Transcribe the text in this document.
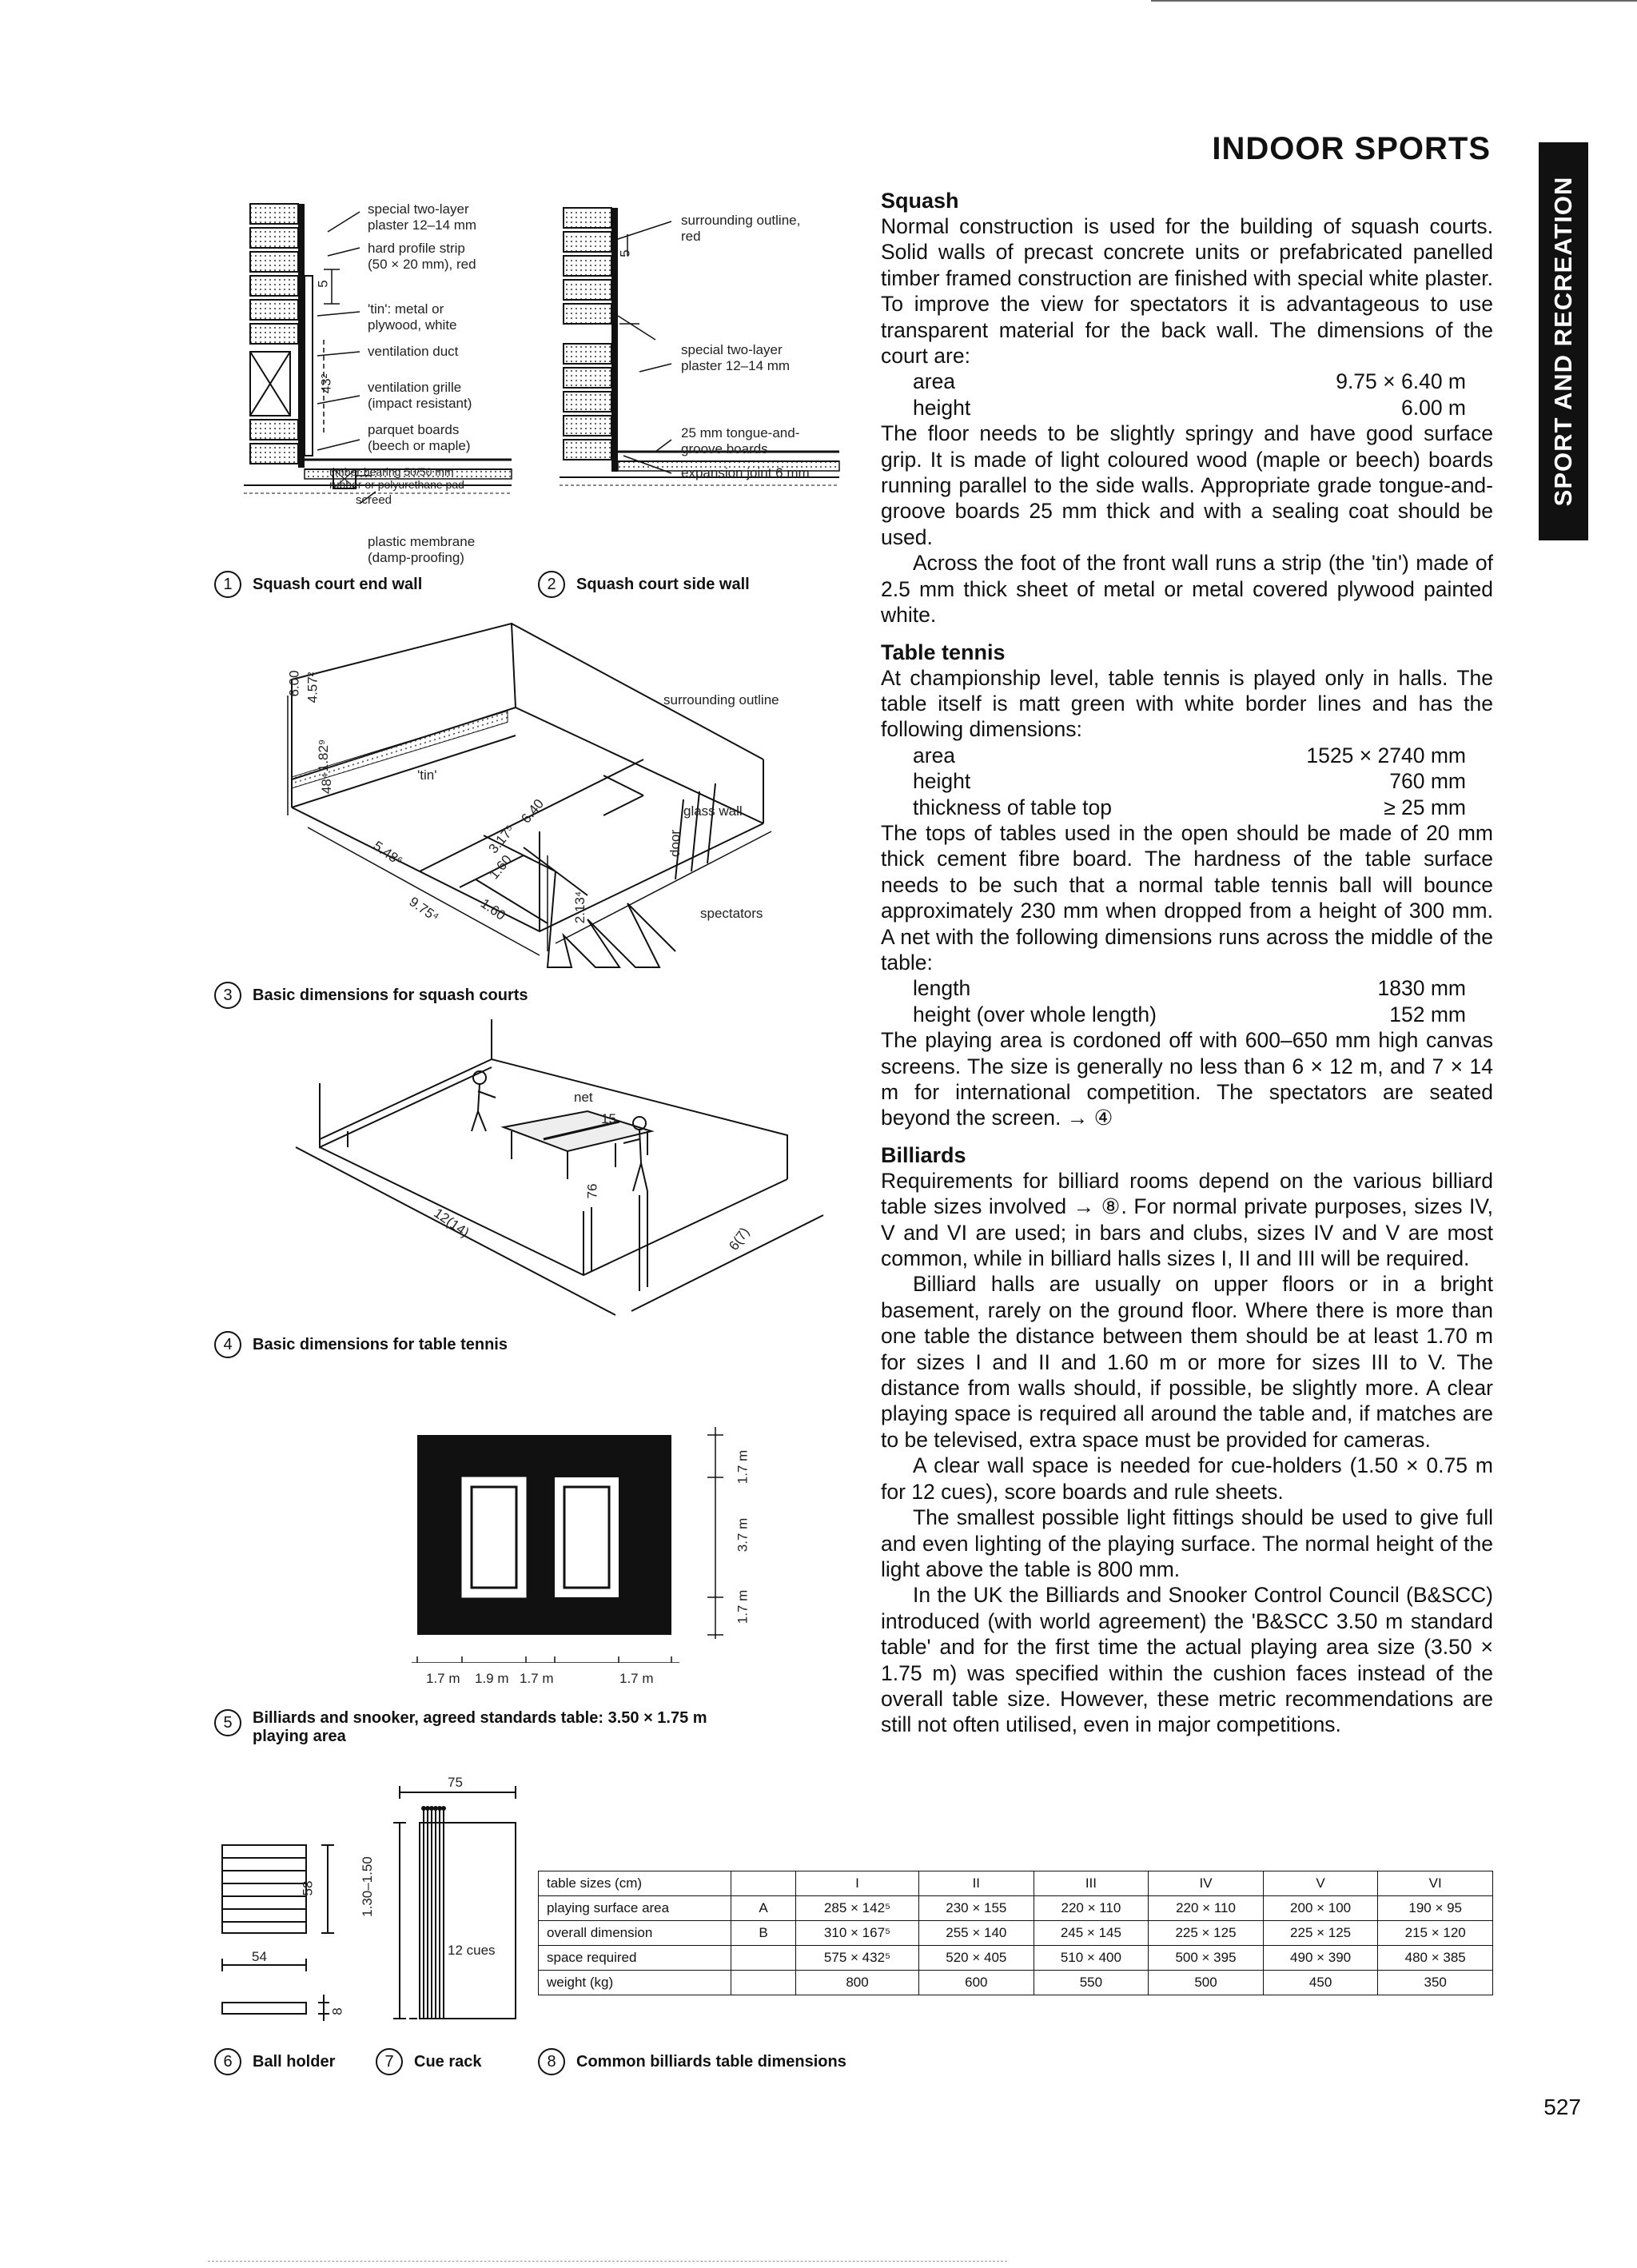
INDOOR SPORTS
SPORT AND RECREATION
special two-layer
plaster 12–14 mm
hard profile strip
(50 × 20 mm), red
'tin': metal or
plywood, white
ventilation duct
ventilation grille
(impact resistant)
parquet boards
(beech or maple)
timber bearing 50/50 mm
rubber or polyurethane pad
screed
plastic membrane
(damp-proofing)
5
43²
1	Squash court end wall
surrounding outline,
red
special two-layer
plaster 12–14 mm
25 mm tongue-and-
groove boards
expansion joint 6 mm
5
2	Squash court side wall
surrounding outline
'tin'
glass wall
door
spectators
6.00 4.57²
1.82⁹
48⁴
5.48⁶
6.40
3.17⁵
1.60
1.60
9.75⁴	2.13⁴
3	Basic dimensions for squash courts
net
15
76
12(14)	6(7)
4	Basic dimensions for table tennis
1.7 m
3.7 m
1.7 m
1.7 m 1.9 m 1.7 m	1.7 m
5	Billiards and snooker, agreed standards table: 3.50 × 1.75 m
playing area
54
58
8
75
1.30–1.50
12 cues
6	Ball holder	7	Cue rack	8	Common billiards table dimensions
table sizes (cm)		I	II	III	IV	V	VI
playing surface area	A	285 × 142⁵	230 × 155	220 × 110	220 × 110	200 × 100	190 × 95
overall dimension	B	310 × 167⁵	255 × 140	245 × 145	225 × 125	225 × 125	215 × 120
space required		575 × 432⁵	520 × 405	510 × 400	500 × 395	490 × 390	480 × 385
weight (kg)		800	600	550	500	450	350
Squash

Normal construction is used for the building of squash courts. Solid walls of precast concrete units or prefabricated panelled timber framed construction are finished with special white plaster. To improve the view for spectators it is advantageous to use transparent material for the back wall. The dimensions of the court are:

area	9.75 × 6.40 m
height	6.00 m

The floor needs to be slightly springy and have good surface grip. It is made of light coloured wood (maple or beech) boards running parallel to the side walls. Appropriate grade tongue-and-groove boards 25 mm thick and with a sealing coat should be used.

Across the foot of the front wall runs a strip (the 'tin') made of 2.5 mm thick sheet of metal or metal covered plywood painted white.

Table tennis

At championship level, table tennis is played only in halls. The table itself is matt green with white border lines and has the following dimensions:

area	1525 × 2740 mm
height	760 mm
thickness of table top	≥ 25 mm

The tops of tables used in the open should be made of 20 mm thick cement fibre board. The hardness of the table surface needs to be such that a normal table tennis ball will bounce approximately 230 mm when dropped from a height of 300 mm. A net with the following dimensions runs across the middle of the table:

length	1830 mm
height (over whole length)	152 mm

The playing area is cordoned off with 600–650 mm high canvas screens. The size is generally no less than 6 × 12 m, and 7 × 14 m for international competition. The spectators are seated beyond the screen. → ④

Billiards

Requirements for billiard rooms depend on the various billiard table sizes involved → ⑧. For normal private purposes, sizes IV, V and VI are used; in bars and clubs, sizes IV and V are most common, while in billiard halls sizes I, II and III will be required.

Billiard halls are usually on upper floors or in a bright basement, rarely on the ground floor. Where there is more than one table the distance between them should be at least 1.70 m for sizes I and II and 1.60 m or more for sizes III to V. The distance from walls should, if possible, be slightly more. A clear playing space is required all around the table and, if matches are to be televised, extra space must be provided for cameras.

A clear wall space is needed for cue-holders (1.50 × 0.75 m for 12 cues), score boards and rule sheets.

The smallest possible light fittings should be used to give full and even lighting of the playing surface. The normal height of the light above the table is 800 mm.

In the UK the Billiards and Snooker Control Council (B&SCC) introduced (with world agreement) the 'B&SCC 3.50 m standard table' and for the first time the actual playing area size (3.50 × 1.75 m) was specified within the cushion faces instead of the overall table size. However, these metric recommendations are still not often utilised, even in major competitions.

527
